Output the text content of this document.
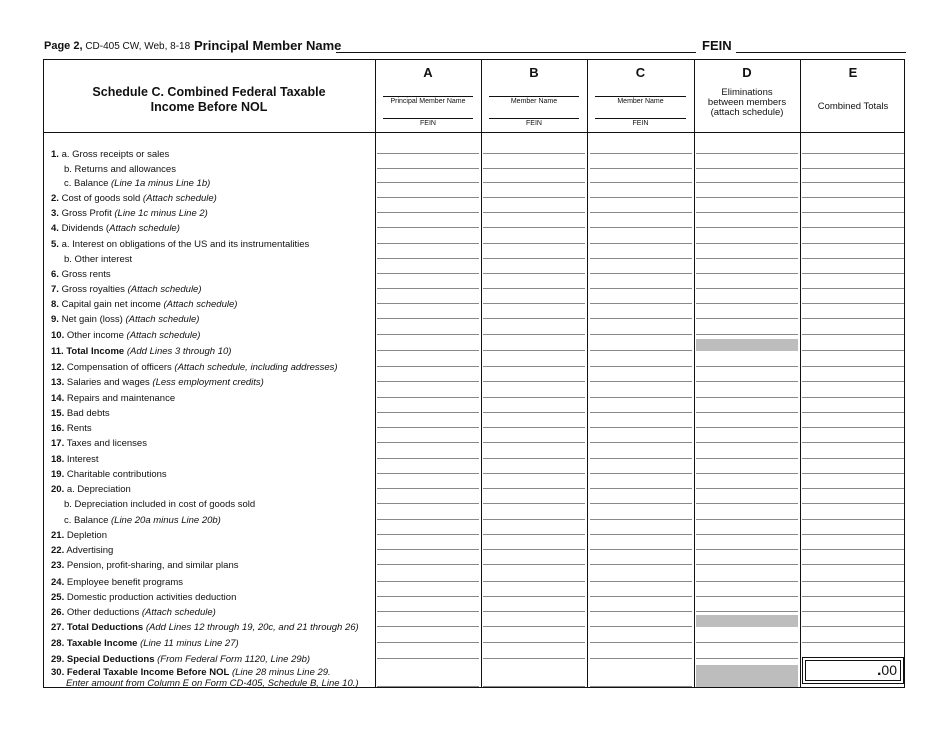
Page 2, CD-405 CW, Web, 8-18 Principal Member Name	FEIN
Schedule C. Combined Federal Taxable
Income Before NOL
A
Principal Member Name
FEIN
B
Member Name
FEIN
C
Member Name
FEIN
D
Eliminations
between members
(attach schedule)
E
Combined Totals
1. a. Gross receipts or sales
b. Returns and allowances
c. Balance (Line 1a minus Line 1b)
2. Cost of goods sold (Attach schedule)
3. Gross Profit (Line 1c minus Line 2)
4. Dividends (Attach schedule)
5. a. Interest on obligations of the US and its instrumentalities
b. Other interest
6. Gross rents
7. Gross royalties (Attach schedule)
8. Capital gain net income (Attach schedule)
9. Net gain (loss) (Attach schedule)
10. Other income (Attach schedule)
11. Total Income (Add Lines 3 through 10)
12. Compensation of officers (Attach schedule, including addresses)
13. Salaries and wages (Less employment credits)
14. Repairs and maintenance
15. Bad debts
16. Rents
17. Taxes and licenses
18. Interest
19. Charitable contributions
20. a. Depreciation
b. Depreciation included in cost of goods sold
c. Balance (Line 20a minus Line 20b)
21. Depletion
22. Advertising
23. Pension, profit-sharing, and similar plans
24. Employee benefit programs
25. Domestic production activities deduction
26. Other deductions (Attach schedule)
27. Total Deductions (Add Lines 12 through 19, 20c, and 21 through 26)
28. Taxable Income (Line 11 minus Line 27)
29. Special Deductions (From Federal Form 1120, Line 29b)
30. Federal Taxable Income Before NOL (Line 28 minus Line 29.
Enter amount from Column E on Form CD-405, Schedule B, Line 10.)
.00
